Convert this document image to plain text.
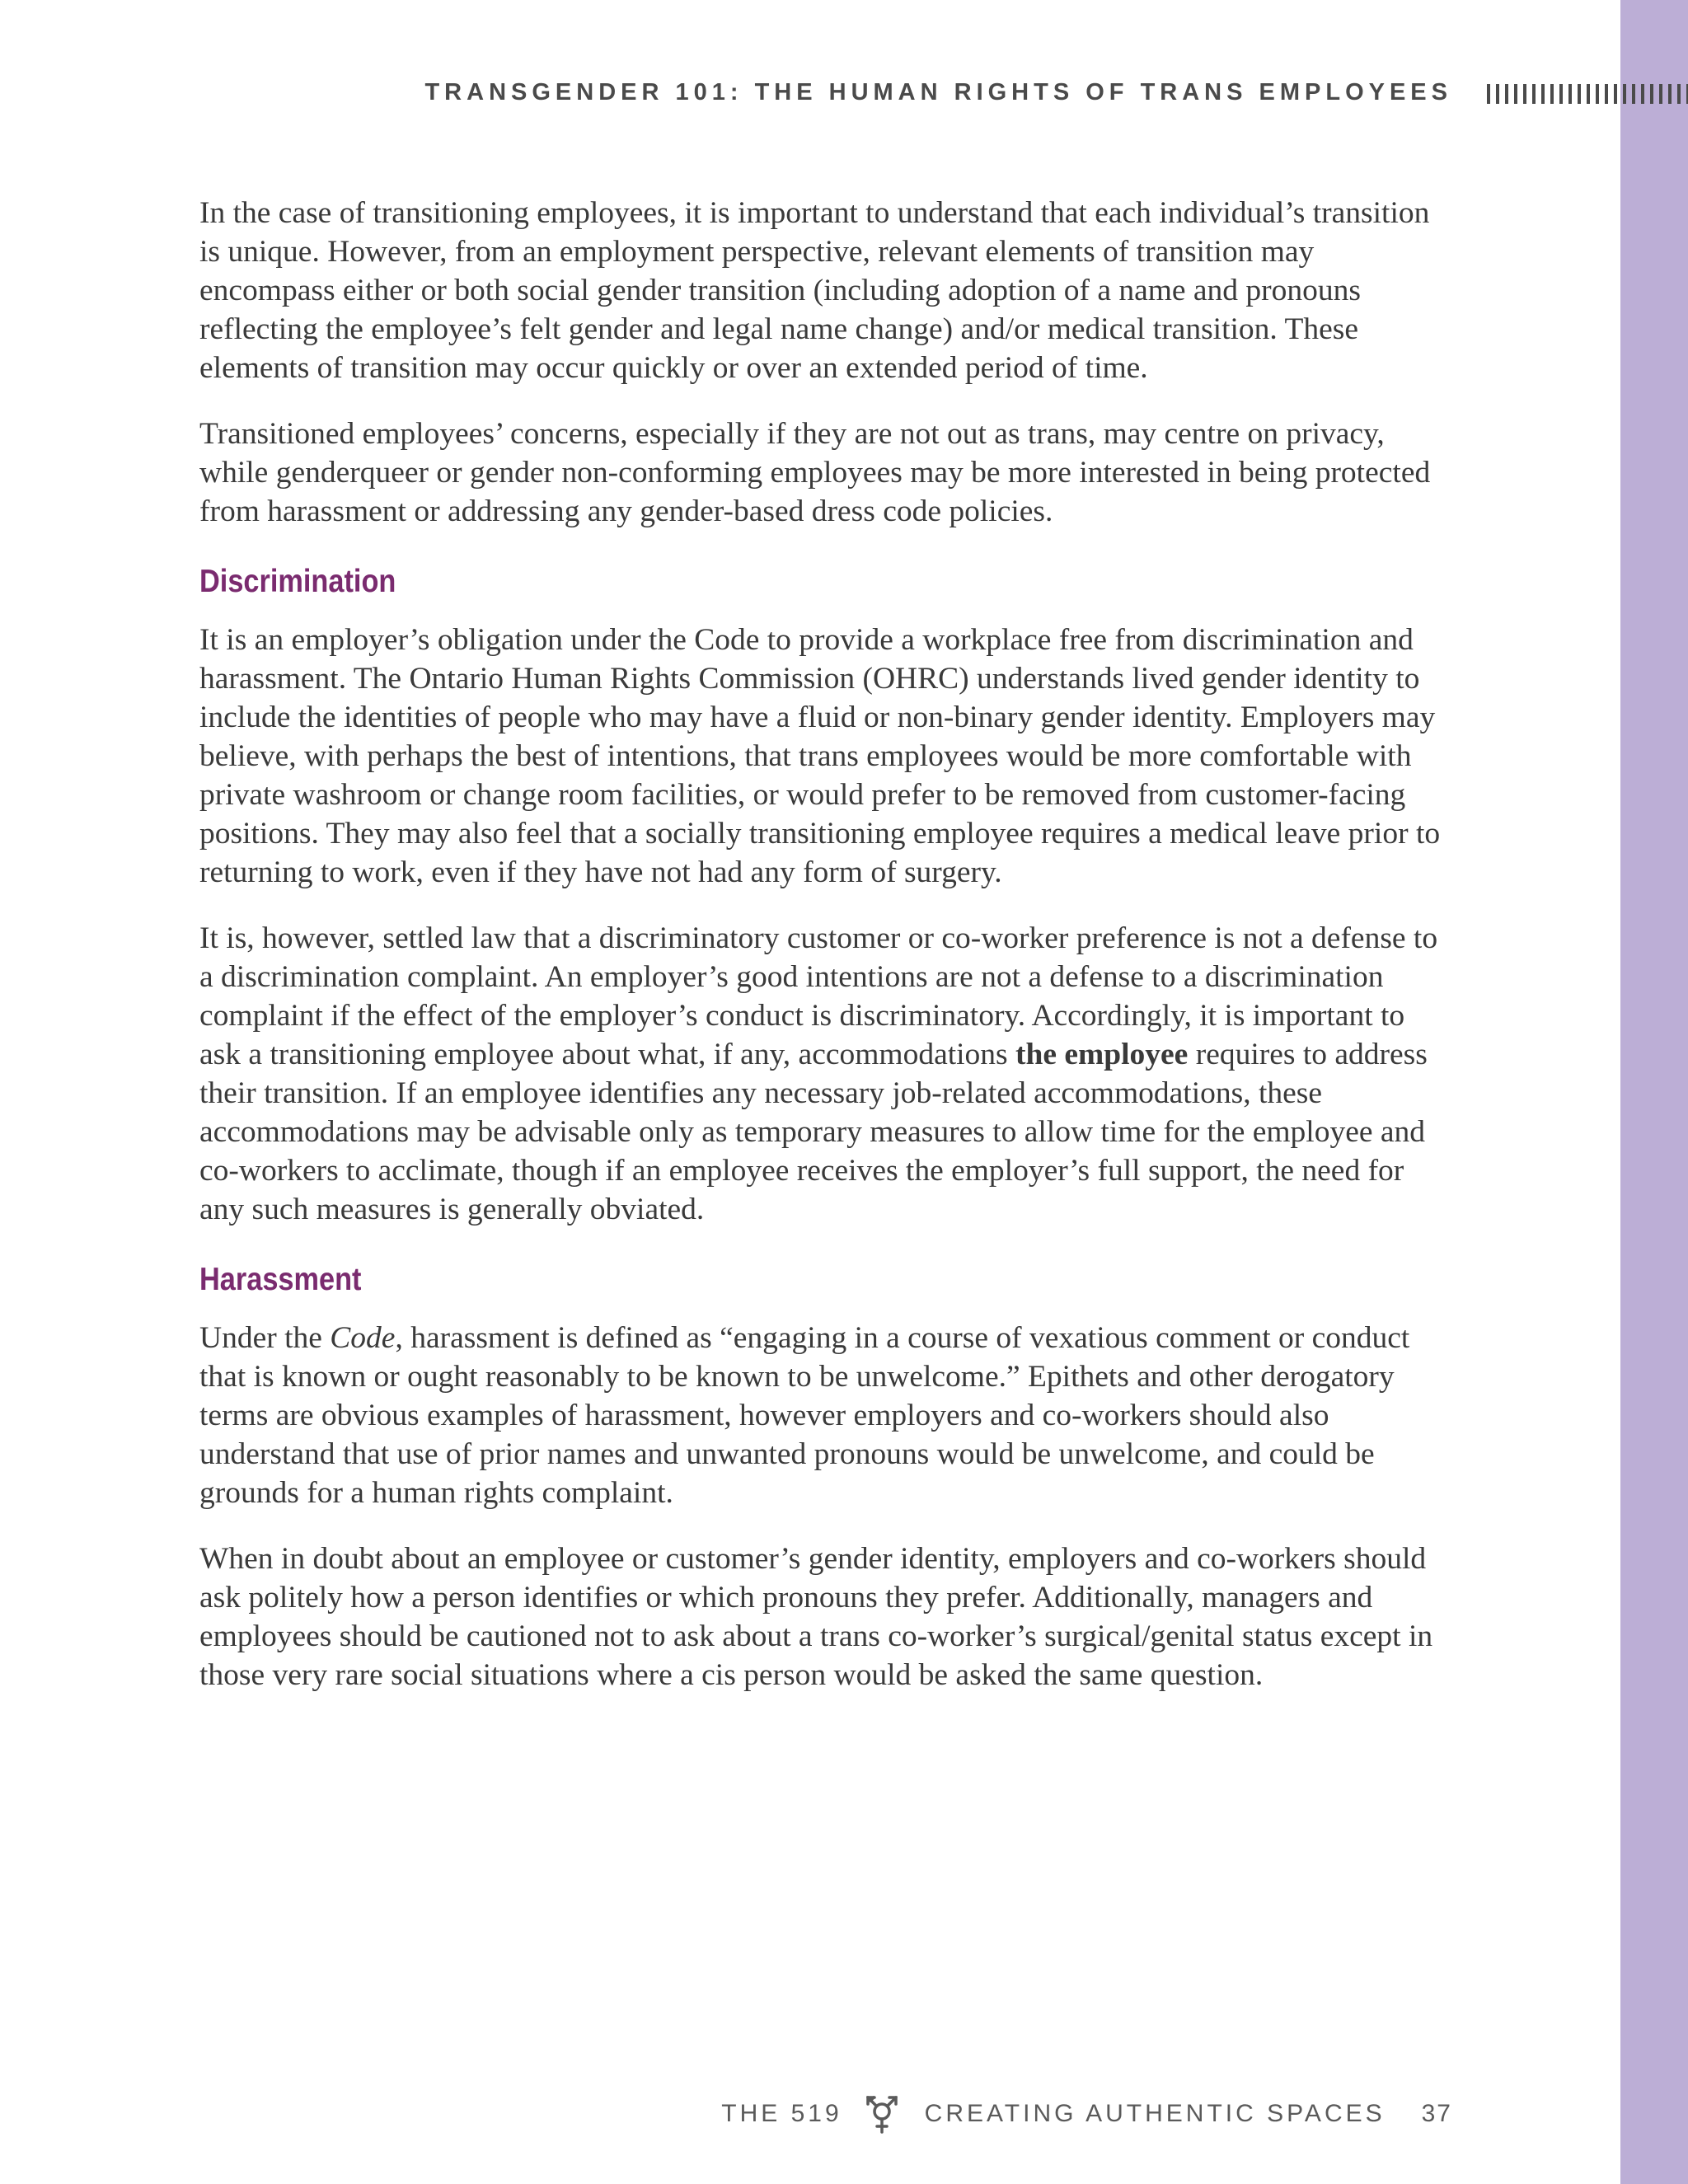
TRANSGENDER 101: THE HUMAN RIGHTS OF TRANS EMPLOYEES

In the case of transitioning employees, it is important to understand that each individual’s transition is unique. However, from an employment perspective, relevant elements of transition may encompass either or both social gender transition (including adoption of a name and pronouns reflecting the employee’s felt gender and legal name change) and/or medical transition. These elements of transition may occur quickly or over an extended period of time.

Transitioned employees’ concerns, especially if they are not out as trans, may centre on privacy, while genderqueer or gender non-conforming employees may be more interested in being protected from harassment or addressing any gender-based dress code policies.

Discrimination

It is an employer’s obligation under the Code to provide a workplace free from discrimination and harassment. The Ontario Human Rights Commission (OHRC) understands lived gender identity to include the identities of people who may have a fluid or non-binary gender identity. Employers may believe, with perhaps the best of intentions, that trans employees would be more comfortable with private washroom or change room facilities, or would prefer to be removed from customer-facing positions. They may also feel that a socially transitioning employee requires a medical leave prior to returning to work, even if they have not had any form of surgery.

It is, however, settled law that a discriminatory customer or co-worker preference is not a defense to a discrimination complaint. An employer’s good intentions are not a defense to a discrimination complaint if the effect of the employer’s conduct is discriminatory. Accordingly, it is important to ask a transitioning employee about what, if any, accommodations the employee requires to address their transition. If an employee identifies any necessary job-related accommodations, these accommodations may be advisable only as temporary measures to allow time for the employee and co-workers to acclimate, though if an employee receives the employer’s full support, the need for any such measures is generally obviated.

Harassment

Under the Code, harassment is defined as “engaging in a course of vexatious comment or conduct that is known or ought reasonably to be known to be unwelcome.” Epithets and other derogatory terms are obvious examples of harassment, however employers and co-workers should also understand that use of prior names and unwanted pronouns would be unwelcome, and could be grounds for a human rights complaint.

When in doubt about an employee or customer’s gender identity, employers and co-workers should ask politely how a person identifies or which pronouns they prefer. Additionally, managers and employees should be cautioned not to ask about a trans co-worker’s surgical/genital status except in those very rare social situations where a cis person would be asked the same question.

THE 519	CREATING AUTHENTIC SPACES 37
